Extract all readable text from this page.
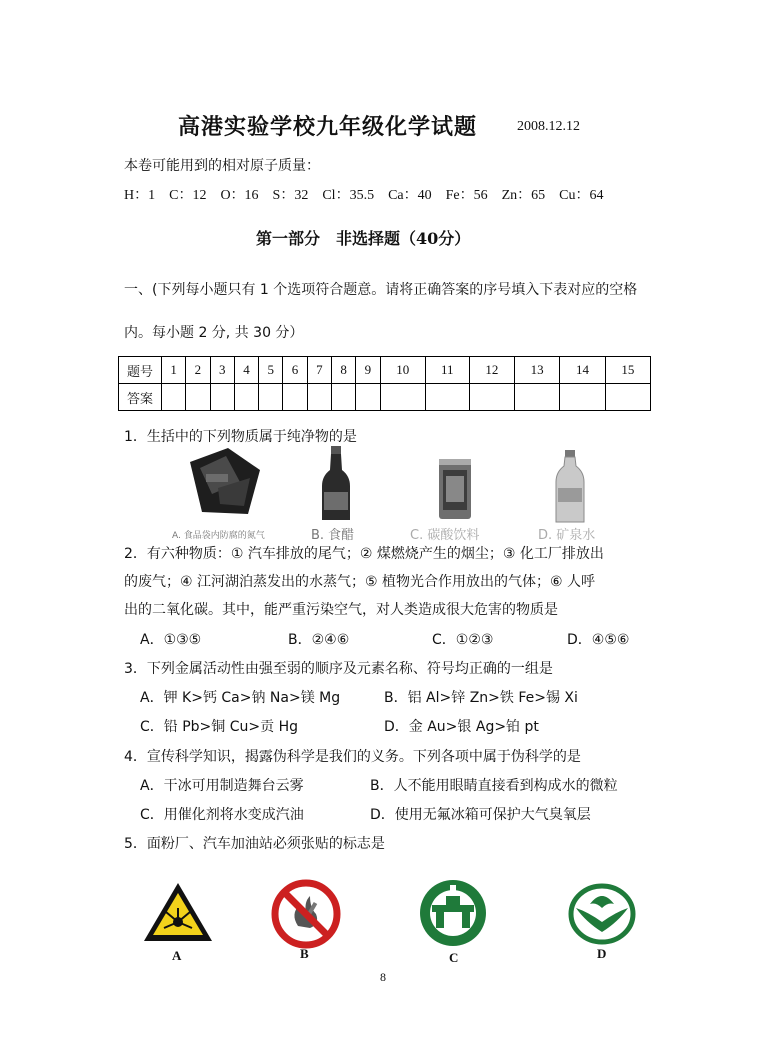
高港实验学校九年级化学试题	2008.12.12
本卷可能用到的相对原子质量：
H：1　C：12　O：16　S：32　Cl：35.5　Ca：40　Fe：56　Zn：65　Cu：64
第一部分　非选择题（40分）
一、(下列每小题只有 1 个选项符合题意。请将正确答案的序号填入下表对应的空格
内。每小题 2 分, 共 30 分）
题号	1	2	3	4	5	6	7	8	9	10	11	12	13	14	15
答案															
1．生括中的下列物质属于纯净物的是
A. 食品袋内防腐的氮气	B. 食醋	C. 碳酸饮料	D. 矿泉水
2．有六种物质：① 汽车排放的尾气；② 煤燃烧产生的烟尘；③ 化工厂排放出
的废气；④ 江河湖泊蒸发出的水蒸气；⑤ 植物光合作用放出的气体；⑥ 人呼
出的二氧化碳。其中，能严重污染空气，对人类造成很大危害的物质是
A．①③⑤	B．②④⑥	C．①②③	D．④⑤⑥
3．下列金属活动性由强至弱的顺序及元素名称、符号均正确的一组是
A．钾 K>钙 Ca>钠 Na>镁 Mg	B．铝 Al>锌 Zn>铁 Fe>锡 Xi
C．铅 Pb>铜 Cu>贡 Hg	D．金 Au>银 Ag>铂 pt
4．宣传科学知识，揭露伪科学是我们的义务。下列各项中属于伪科学的是
A．干冰可用制造舞台云雾	B．人不能用眼睛直接看到构成水的微粒
C．用催化剂将水变成汽油	D．使用无氟冰箱可保护大气臭氧层
5．面粉厂、汽车加油站必须张贴的标志是
A	B	C	D
8
